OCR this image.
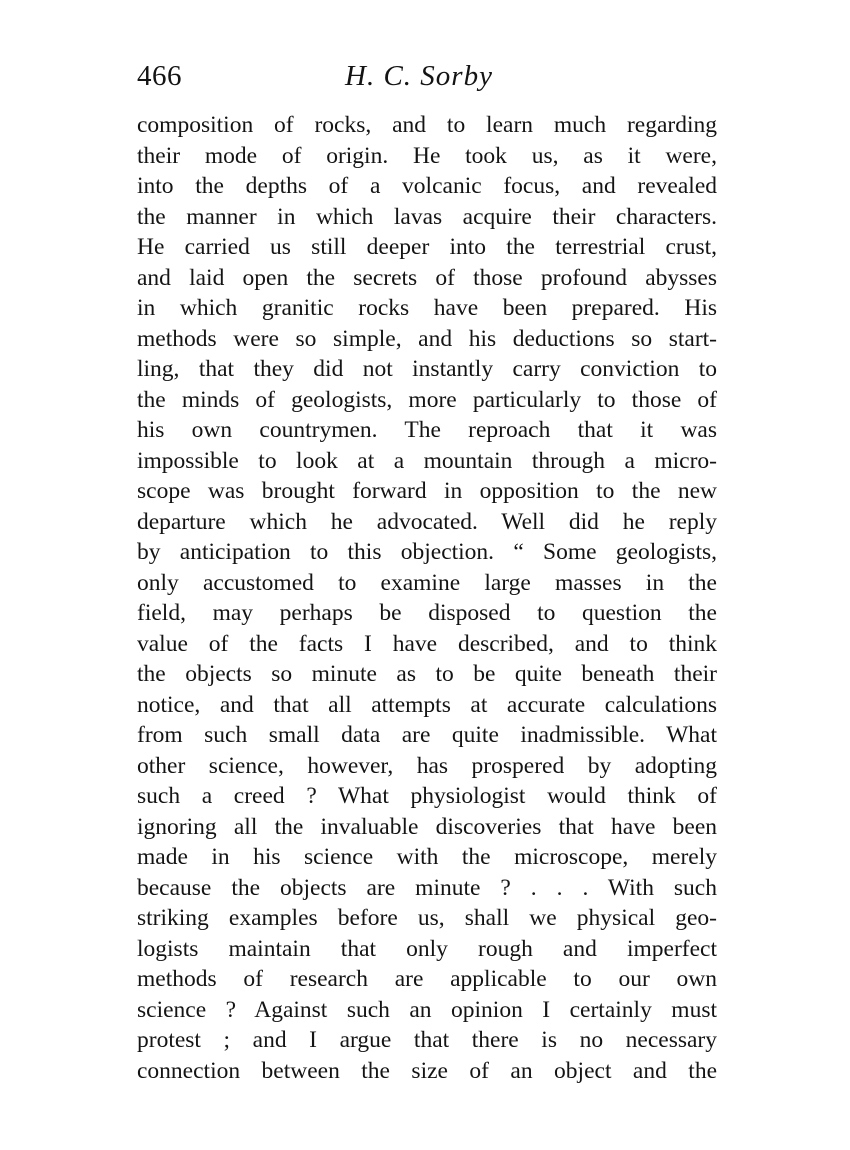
466	H. C. Sorby
composition of rocks, and to learn much regarding
their mode of origin. He took us, as it were,
into the depths of a volcanic focus, and revealed
the manner in which lavas acquire their characters.
He carried us still deeper into the terrestrial crust,
and laid open the secrets of those profound abysses
in which granitic rocks have been prepared. His
methods were so simple, and his deductions so start-
ling, that they did not instantly carry conviction to
the minds of geologists, more particularly to those of
his own countrymen. The reproach that it was
impossible to look at a mountain through a micro-
scope was brought forward in opposition to the new
departure which he advocated. Well did he reply
by anticipation to this objection. “ Some geologists,
only accustomed to examine large masses in the
field, may perhaps be disposed to question the
value of the facts I have described, and to think
the objects so minute as to be quite beneath their
notice, and that all attempts at accurate calculations
from such small data are quite inadmissible. What
other science, however, has prospered by adopting
such a creed ? What physiologist would think of
ignoring all the invaluable discoveries that have been
made in his science with the microscope, merely
because the objects are minute ? . . . With such
striking examples before us, shall we physical geo-
logists maintain that only rough and imperfect
methods of research are applicable to our own
science ? Against such an opinion I certainly must
protest ; and I argue that there is no necessary
connection between the size of an object and the
